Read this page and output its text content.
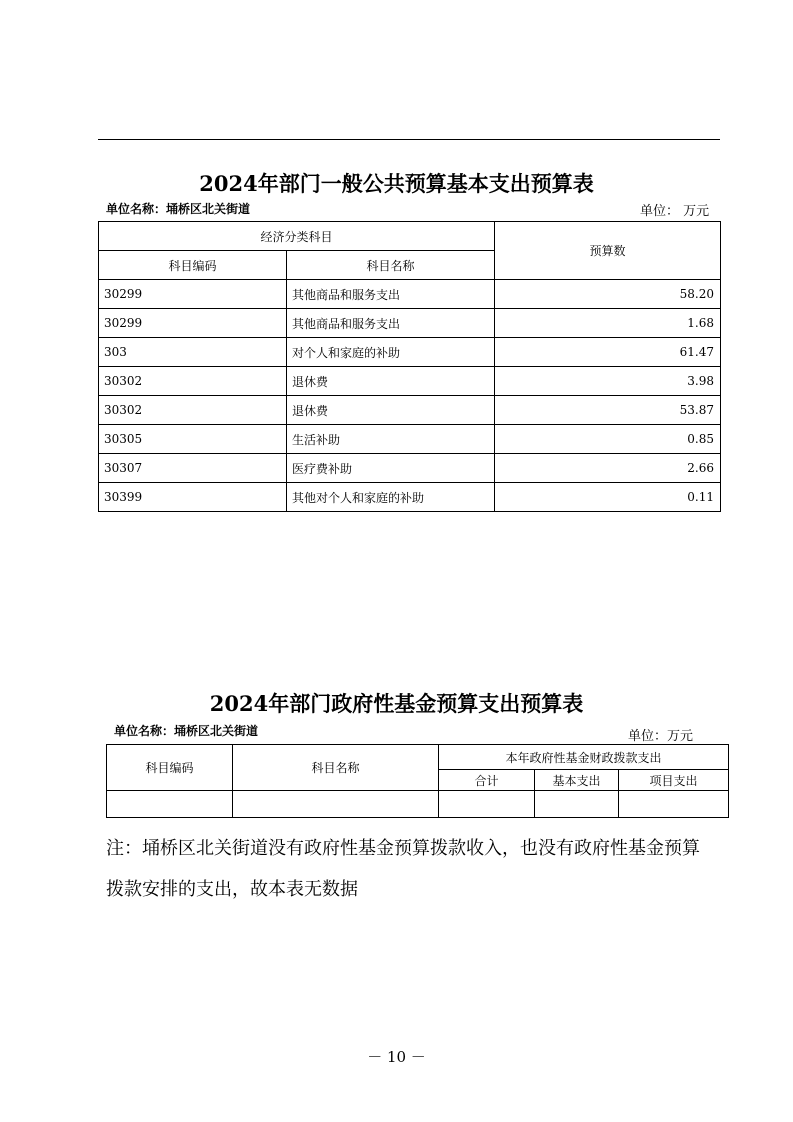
2024年部门一般公共预算基本支出预算表
单位名称：埇桥区北关街道	单位： 万元
经济分类科目		预算数
科目编码	科目名称	
30299	其他商品和服务支出	58.20
30299	其他商品和服务支出	1.68
303	对个人和家庭的补助	61.47
30302	退休费	3.98
30302	退休费	53.87
30305	生活补助	0.85
30307	医疗费补助	2.66
30399	其他对个人和家庭的补助	0.11
2024年部门政府性基金预算支出预算表
单位名称：埇桥区北关街道	单位：万元
科目编码	科目名称	本年政府性基金财政拨款支出		
		合计	基本支出	项目支出

注：埇桥区北关街道没有政府性基金预算拨款收入，也没有政府性基金预算拨款安排的支出，故本表无数据
－ 10 －
